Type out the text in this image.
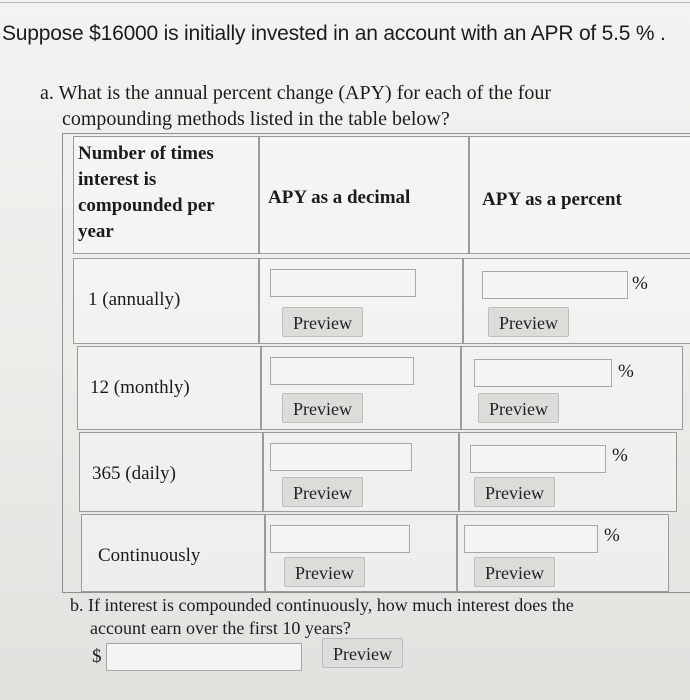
Suppose $16000 is initially invested in an account with an APR of 5.5 % .
a. What is the annual percent change (APY) for each of the four
compounding methods listed in the table below?
Number of times
interest is
compounded per
year
APY as a decimal	APY as a percent
1 (annually)
Preview
%
Preview
12 (monthly)
Preview
%
Preview
365 (daily)
Preview
%
Preview
Continuously
Preview
%
Preview
b. If interest is compounded continuously, how much interest does the
account earn over the first 10 years?
$	Preview
